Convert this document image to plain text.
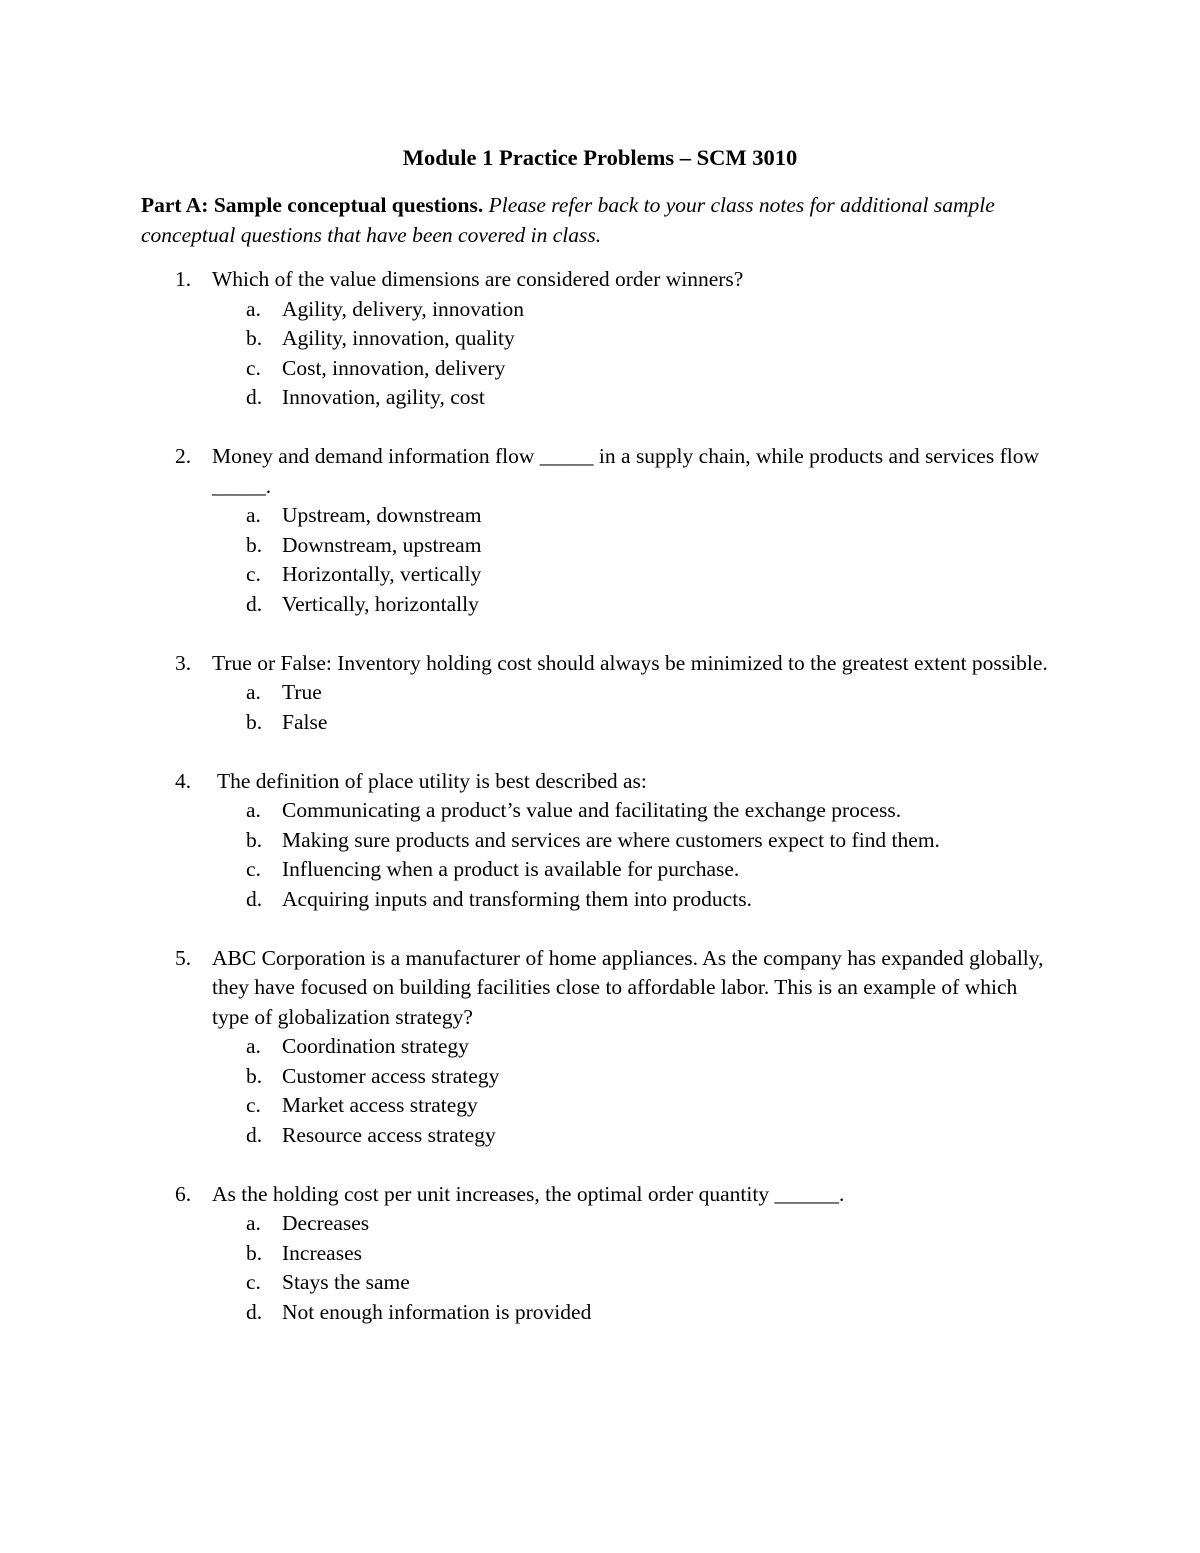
Module 1 Practice Problems – SCM 3010

Part A: Sample conceptual questions. Please refer back to your class notes for additional sample conceptual questions that have been covered in class.

1. Which of the value dimensions are considered order winners?
a. Agility, delivery, innovation
b. Agility, innovation, quality
c. Cost, innovation, delivery
d. Innovation, agility, cost
2. Money and demand information flow _____ in a supply chain, while products and services flow _____.
a. Upstream, downstream
b. Downstream, upstream
c. Horizontally, vertically
d. Vertically, horizontally
3. True or False: Inventory holding cost should always be minimized to the greatest extent possible.
a. True
b. False
4. The definition of place utility is best described as:
a. Communicating a product’s value and facilitating the exchange process.
b. Making sure products and services are where customers expect to find them.
c. Influencing when a product is available for purchase.
d. Acquiring inputs and transforming them into products.
5. ABC Corporation is a manufacturer of home appliances. As the company has expanded globally, they have focused on building facilities close to affordable labor. This is an example of which type of globalization strategy?
a. Coordination strategy
b. Customer access strategy
c. Market access strategy
d. Resource access strategy
6. As the holding cost per unit increases, the optimal order quantity ______.
a. Decreases
b. Increases
c. Stays the same
d. Not enough information is provided
